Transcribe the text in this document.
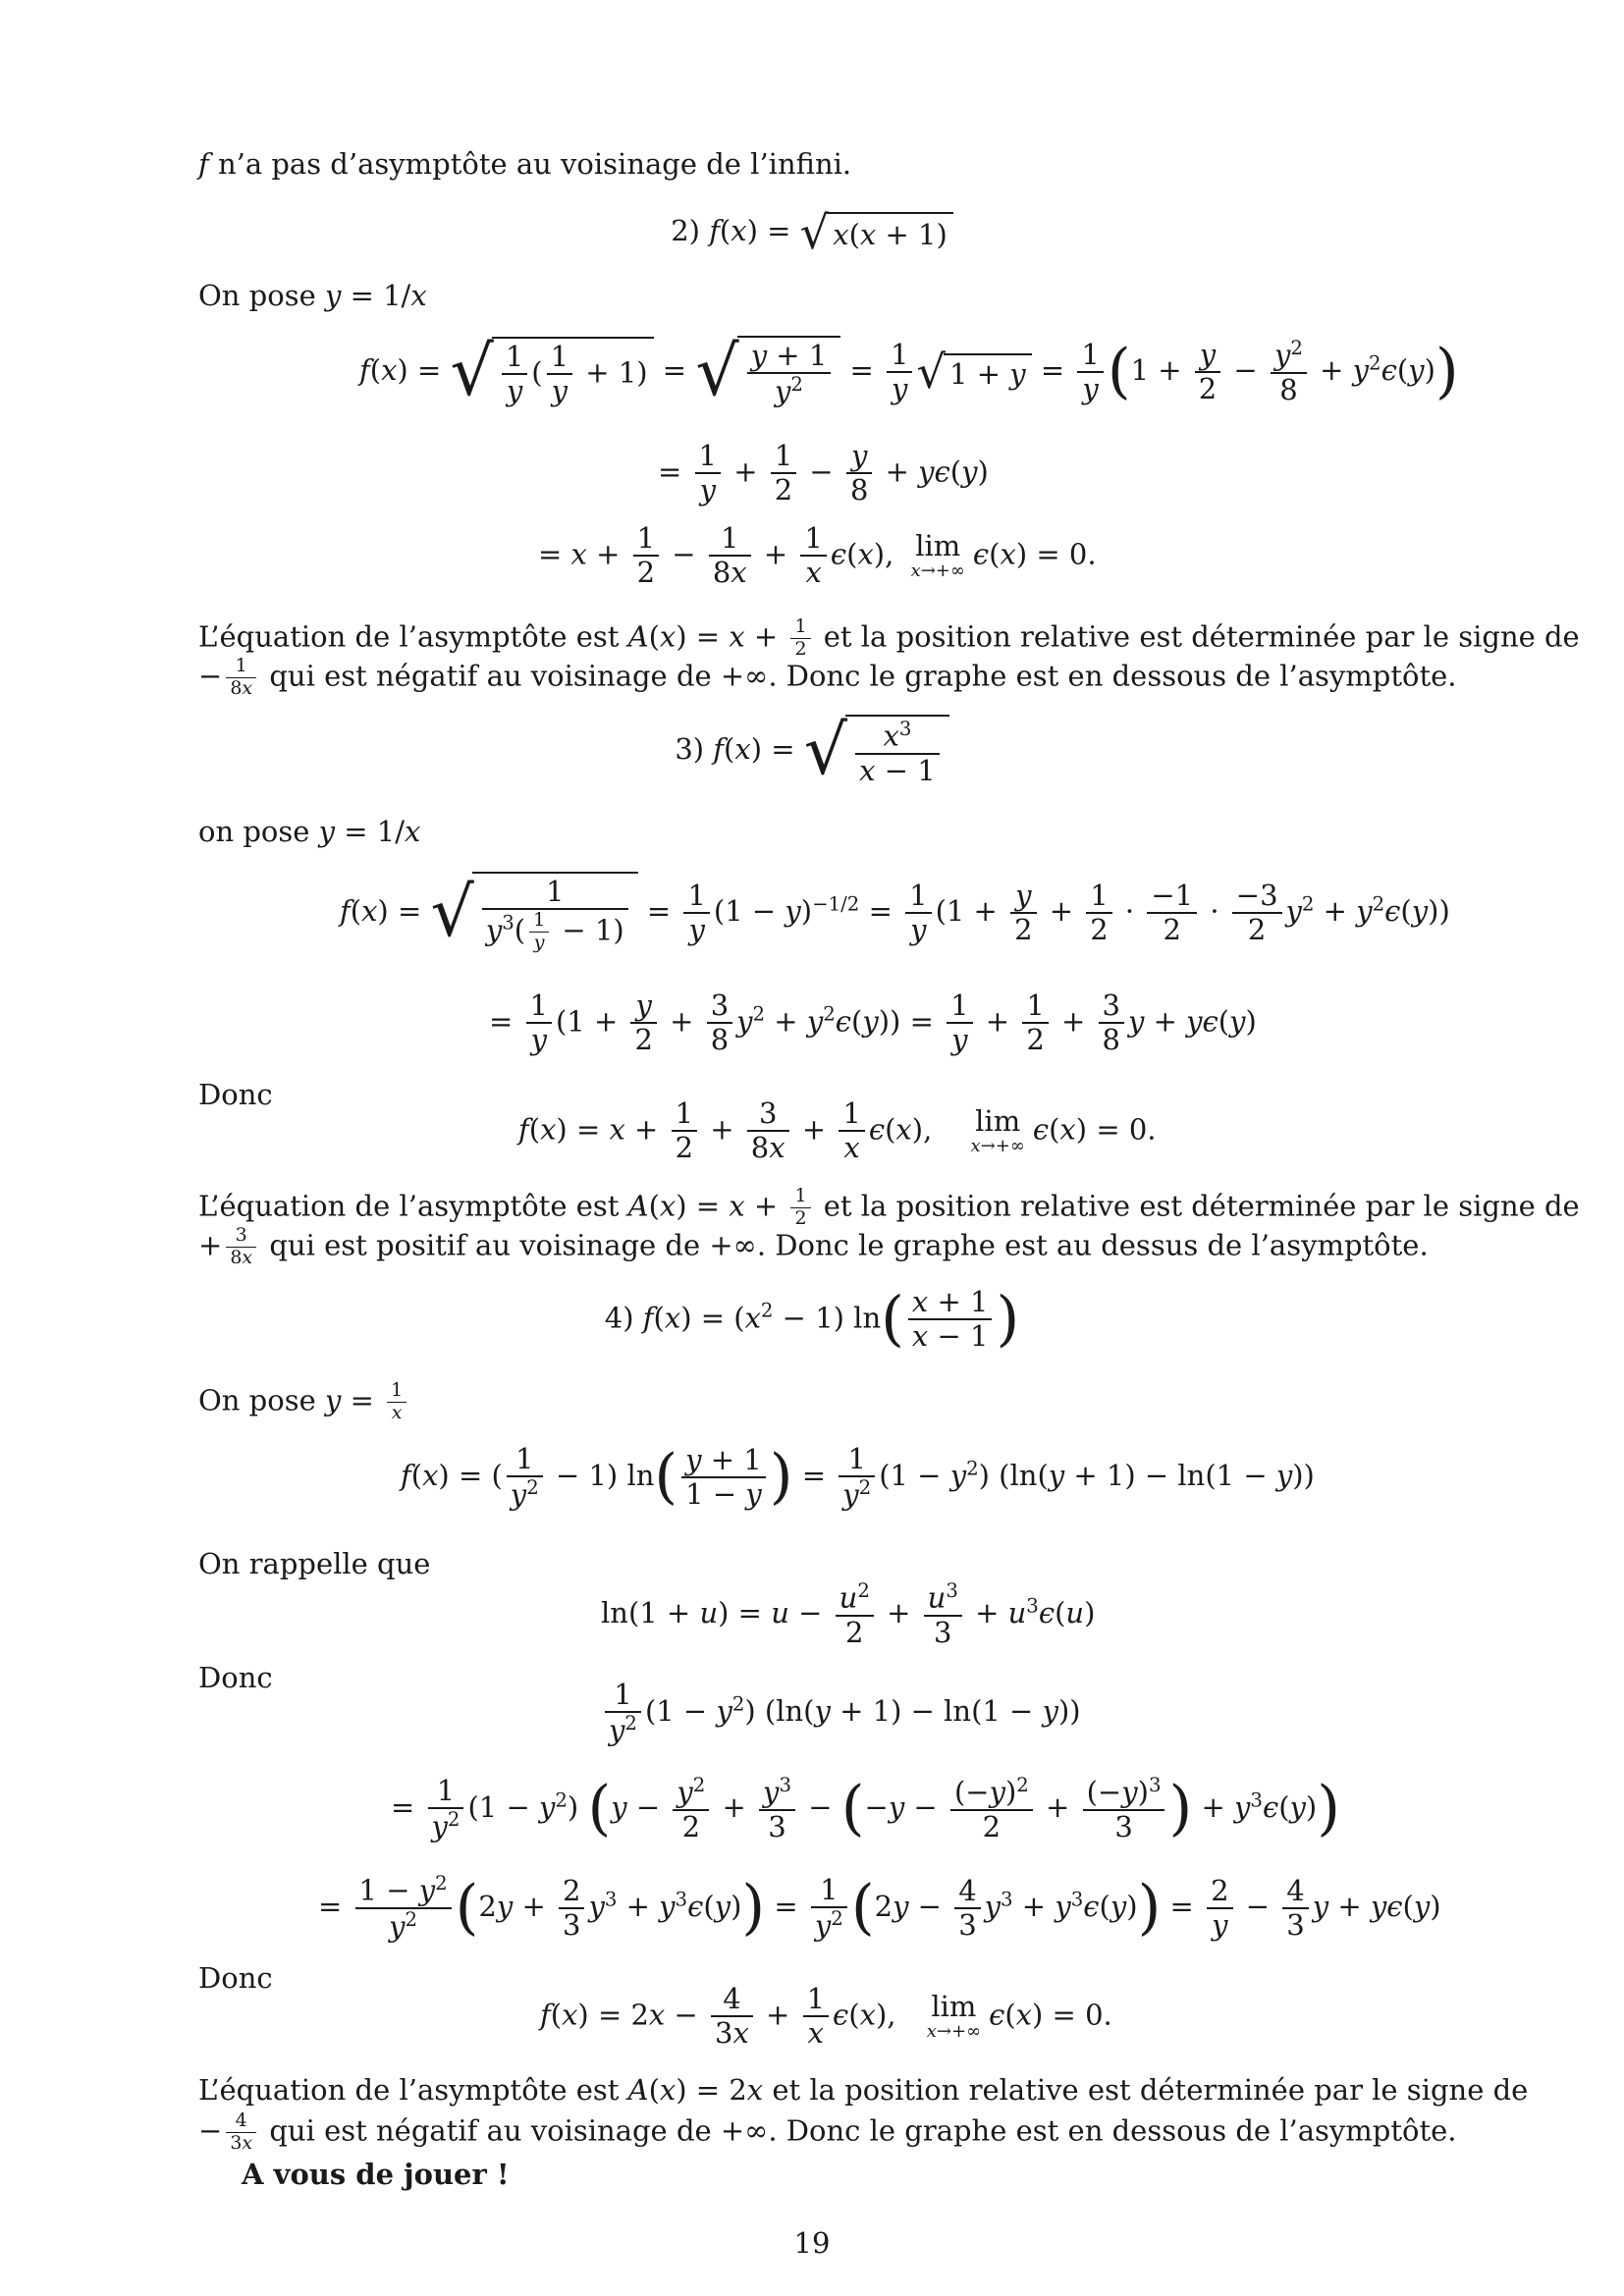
f n’a pas d’asymptôte au voisinage de l’infini.
2) f(x) = √ x(x + 1)
On pose y = 1/x
f(x) = √ $\frac{1}{y}$ ( $\frac{1}{y} + 1$) = √ $\frac{y + 1}{y^2} = \frac{1}{y}$ √ $1 + y = \frac{1}{y} (1 + \frac{y}{2} - \frac{y^2}{8} + y^2\epsilon(y))$
= $\frac{1}{y} + \frac{1}{2} - \frac{y}{8} + y\epsilon(y)$
= $x + \frac{1}{2} - \frac{1}{8x} + \frac{1}{x} \epsilon(x)$, lim
x→+∞
ϵ(x) = 0.
L’équation de l’asymptôte est $A(x) = x + \frac{1}{2}$ et la position relative est déterminée par le signe de
− $\frac{1}{8x}$ qui est négatif au voisinage de +∞. Donc le graphe est en dessous de l’asymptôte.
3) f(x) = √ $\frac{x^3}{x - 1}$
on pose y = 1/x
f(x) = √ $\frac{1}{y^3( \frac{1}{y} - 1)} = \frac{1}{y} (1 - y)^{-1/2} = \frac{1}{y} (1 + \frac{y}{2} + \frac{1}{2} \cdot \frac{-1}{2} \cdot \frac{-3}{2} y^2 + y^2\epsilon(y))$
= $\frac{1}{y} (1 + \frac{y}{2} + \frac{3}{8} y^2 + y^2\epsilon(y)) = \frac{1}{y} + \frac{1}{2} + \frac{3}{8}$ y + yϵ(y)
Donc
$f(x) = x + \frac{1}{2} + \frac{3}{8x} + \frac{1}{x} \epsilon(x)$, lim
x→+∞
ϵ(x) = 0.
L’équation de l’asymptôte est $A(x) = x + \frac{1}{2}$ et la position relative est déterminée par le signe de
+ $\frac{3}{8x}$ qui est positif au voisinage de +∞. Donc le graphe est au dessus de l’asymptôte.
4) $f(x) = (x^2 - 1)$ $\ln( \frac{x + 1}{x - 1}$ )
On pose $y = \frac{1}{x}$
f(x) = ( $\frac{1}{y^2} - 1$) $\ln( \frac{y + 1}{1 - y}$ ) = $\frac{1}{y^2} (1 - y^2) (\ln(y + 1) - \ln(1 - y))$
On rappelle que
$\ln(1 + u) = u - \frac{u^2}{2} + \frac{u^3}{3} + u^3\epsilon(u)$
Donc
$\frac{1}{y^2} (1 - y^2) (\ln(y + 1) - \ln(1 - y))$
= $\frac{1}{y^2} (1 - y^2) (y - \frac{y^2}{2} + \frac{y^3}{3} - (-y - \frac{(-y)^2}{2} + \frac{(-y)^3}{3}$ ) + $y^3\epsilon(y)$)
= $\frac{1 - y^2}{y^2} (2y + \frac{2}{3} y^3 + y^3\epsilon(y)) = \frac{1}{y^2} (2y - \frac{4}{3} y^3 + y^3\epsilon(y)) = \frac{2}{y} - \frac{4}{3}$ y + yϵ(y)
Donc
$f(x) = 2x - \frac{4}{3x} + \frac{1}{x} \epsilon(x)$, lim
x→+∞
ϵ(x) = 0.
L’équation de l’asymptôte est A(x) = 2x et la position relative est déterminée par le signe de
− $\frac{4}{3x}$ qui est négatif au voisinage de +∞. Donc le graphe est en dessous de l’asymptôte.
A vous de jouer !
19
